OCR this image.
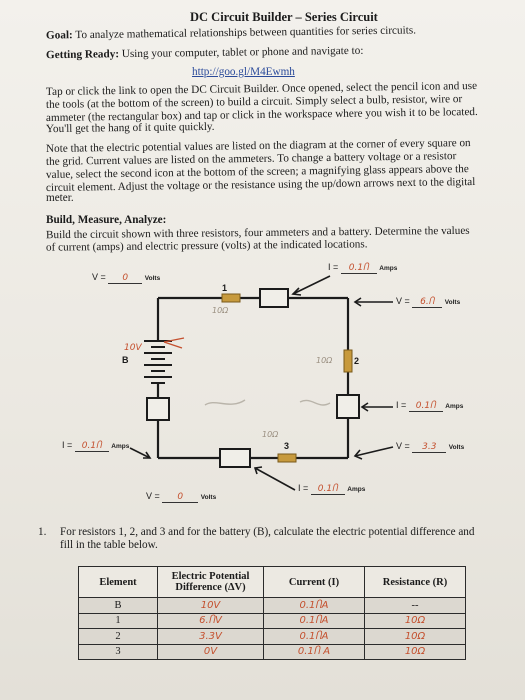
DC Circuit Builder – Series Circuit
Goal: To analyze mathematical relationships between quantities for series circuits.
Getting Ready: Using your computer, tablet or phone and navigate to:
http://goo.gl/M4Ewmh
Tap or click the link to open the DC Circuit Builder. Once opened, select the pencil icon and use
the tools (at the bottom of the screen) to build a circuit. Simply select a bulb, resistor, wire or
ammeter (the rectangular box) and tap or click in the workspace where you wish it to be located.
You'll get the hang of it quite quickly.
Note that the electric potential values are listed on the diagram at the corner of every square on
the grid. Current values are listed on the ammeters. To change a battery voltage or a resistor
value, select the second icon at the bottom of the screen; a magnifying glass appears above the
circuit element. Adjust the voltage or the resistance using the up/down arrows next to the digital
meter.
Build, Measure, Analyze:
Build the circuit shown with three resistors, four ammeters and a battery. Determine the values
of current (amps) and electric pressure (volts) at the indicated locations.
V = 0	Volts
I = 0.1Ⴖ Amps
V = 6.Ⴖ Volts
I = 0.1Ⴖ Amps
V = 3.3 Volts
I = 0.1Ⴖ Amps
I = 0.1Ⴖ Amps
V = 0	Volts
1
2
3
B
10V
10Ω
10Ω
10Ω
1. For resistors 1, 2, and 3 and for the battery (B), calculate the electric potential difference and
fill in the table below.
Element	Electric Potential Difference (ΔV)	Current (I)	Resistance (R)
B	10V	0.1ႶA	--
1	6.ႶV	0.1ႶA	10Ω
2	3.3V	0.1ႶA	10Ω
3	0V	0.1Ⴖ A	10Ω
